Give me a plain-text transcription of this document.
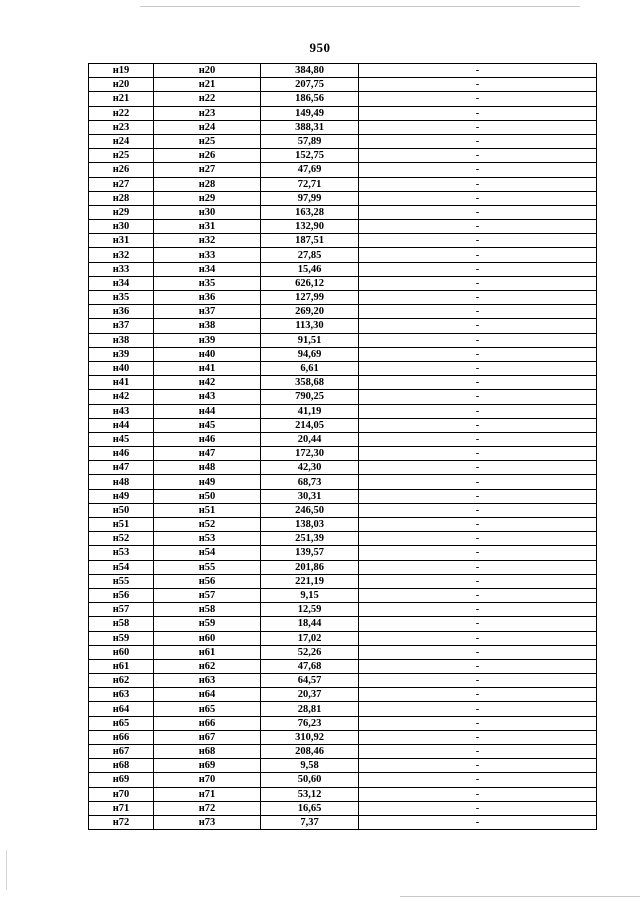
950
н19	н20	384,80	-
н20	н21	207,75	-
н21	н22	186,56	-
н22	н23	149,49	-
н23	н24	388,31	-
н24	н25	57,89	-
н25	н26	152,75	-
н26	н27	47,69	-
н27	н28	72,71	-
н28	н29	97,99	-
н29	н30	163,28	-
н30	н31	132,90	-
н31	н32	187,51	-
н32	н33	27,85	-
н33	н34	15,46	-
н34	н35	626,12	-
н35	н36	127,99	-
н36	н37	269,20	-
н37	н38	113,30	-
н38	н39	91,51	-
н39	н40	94,69	-
н40	н41	6,61	-
н41	н42	358,68	-
н42	н43	790,25	-
н43	н44	41,19	-
н44	н45	214,05	-
н45	н46	20,44	-
н46	н47	172,30	-
н47	н48	42,30	-
н48	н49	68,73	-
н49	н50	30,31	-
н50	н51	246,50	-
н51	н52	138,03	-
н52	н53	251,39	-
н53	н54	139,57	-
н54	н55	201,86	-
н55	н56	221,19	-
н56	н57	9,15	-
н57	н58	12,59	-
н58	н59	18,44	-
н59	н60	17,02	-
н60	н61	52,26	-
н61	н62	47,68	-
н62	н63	64,57	-
н63	н64	20,37	-
н64	н65	28,81	-
н65	н66	76,23	-
н66	н67	310,92	-
н67	н68	208,46	-
н68	н69	9,58	-
н69	н70	50,60	-
н70	н71	53,12	-
н71	н72	16,65	-
н72	н73	7,37	-
